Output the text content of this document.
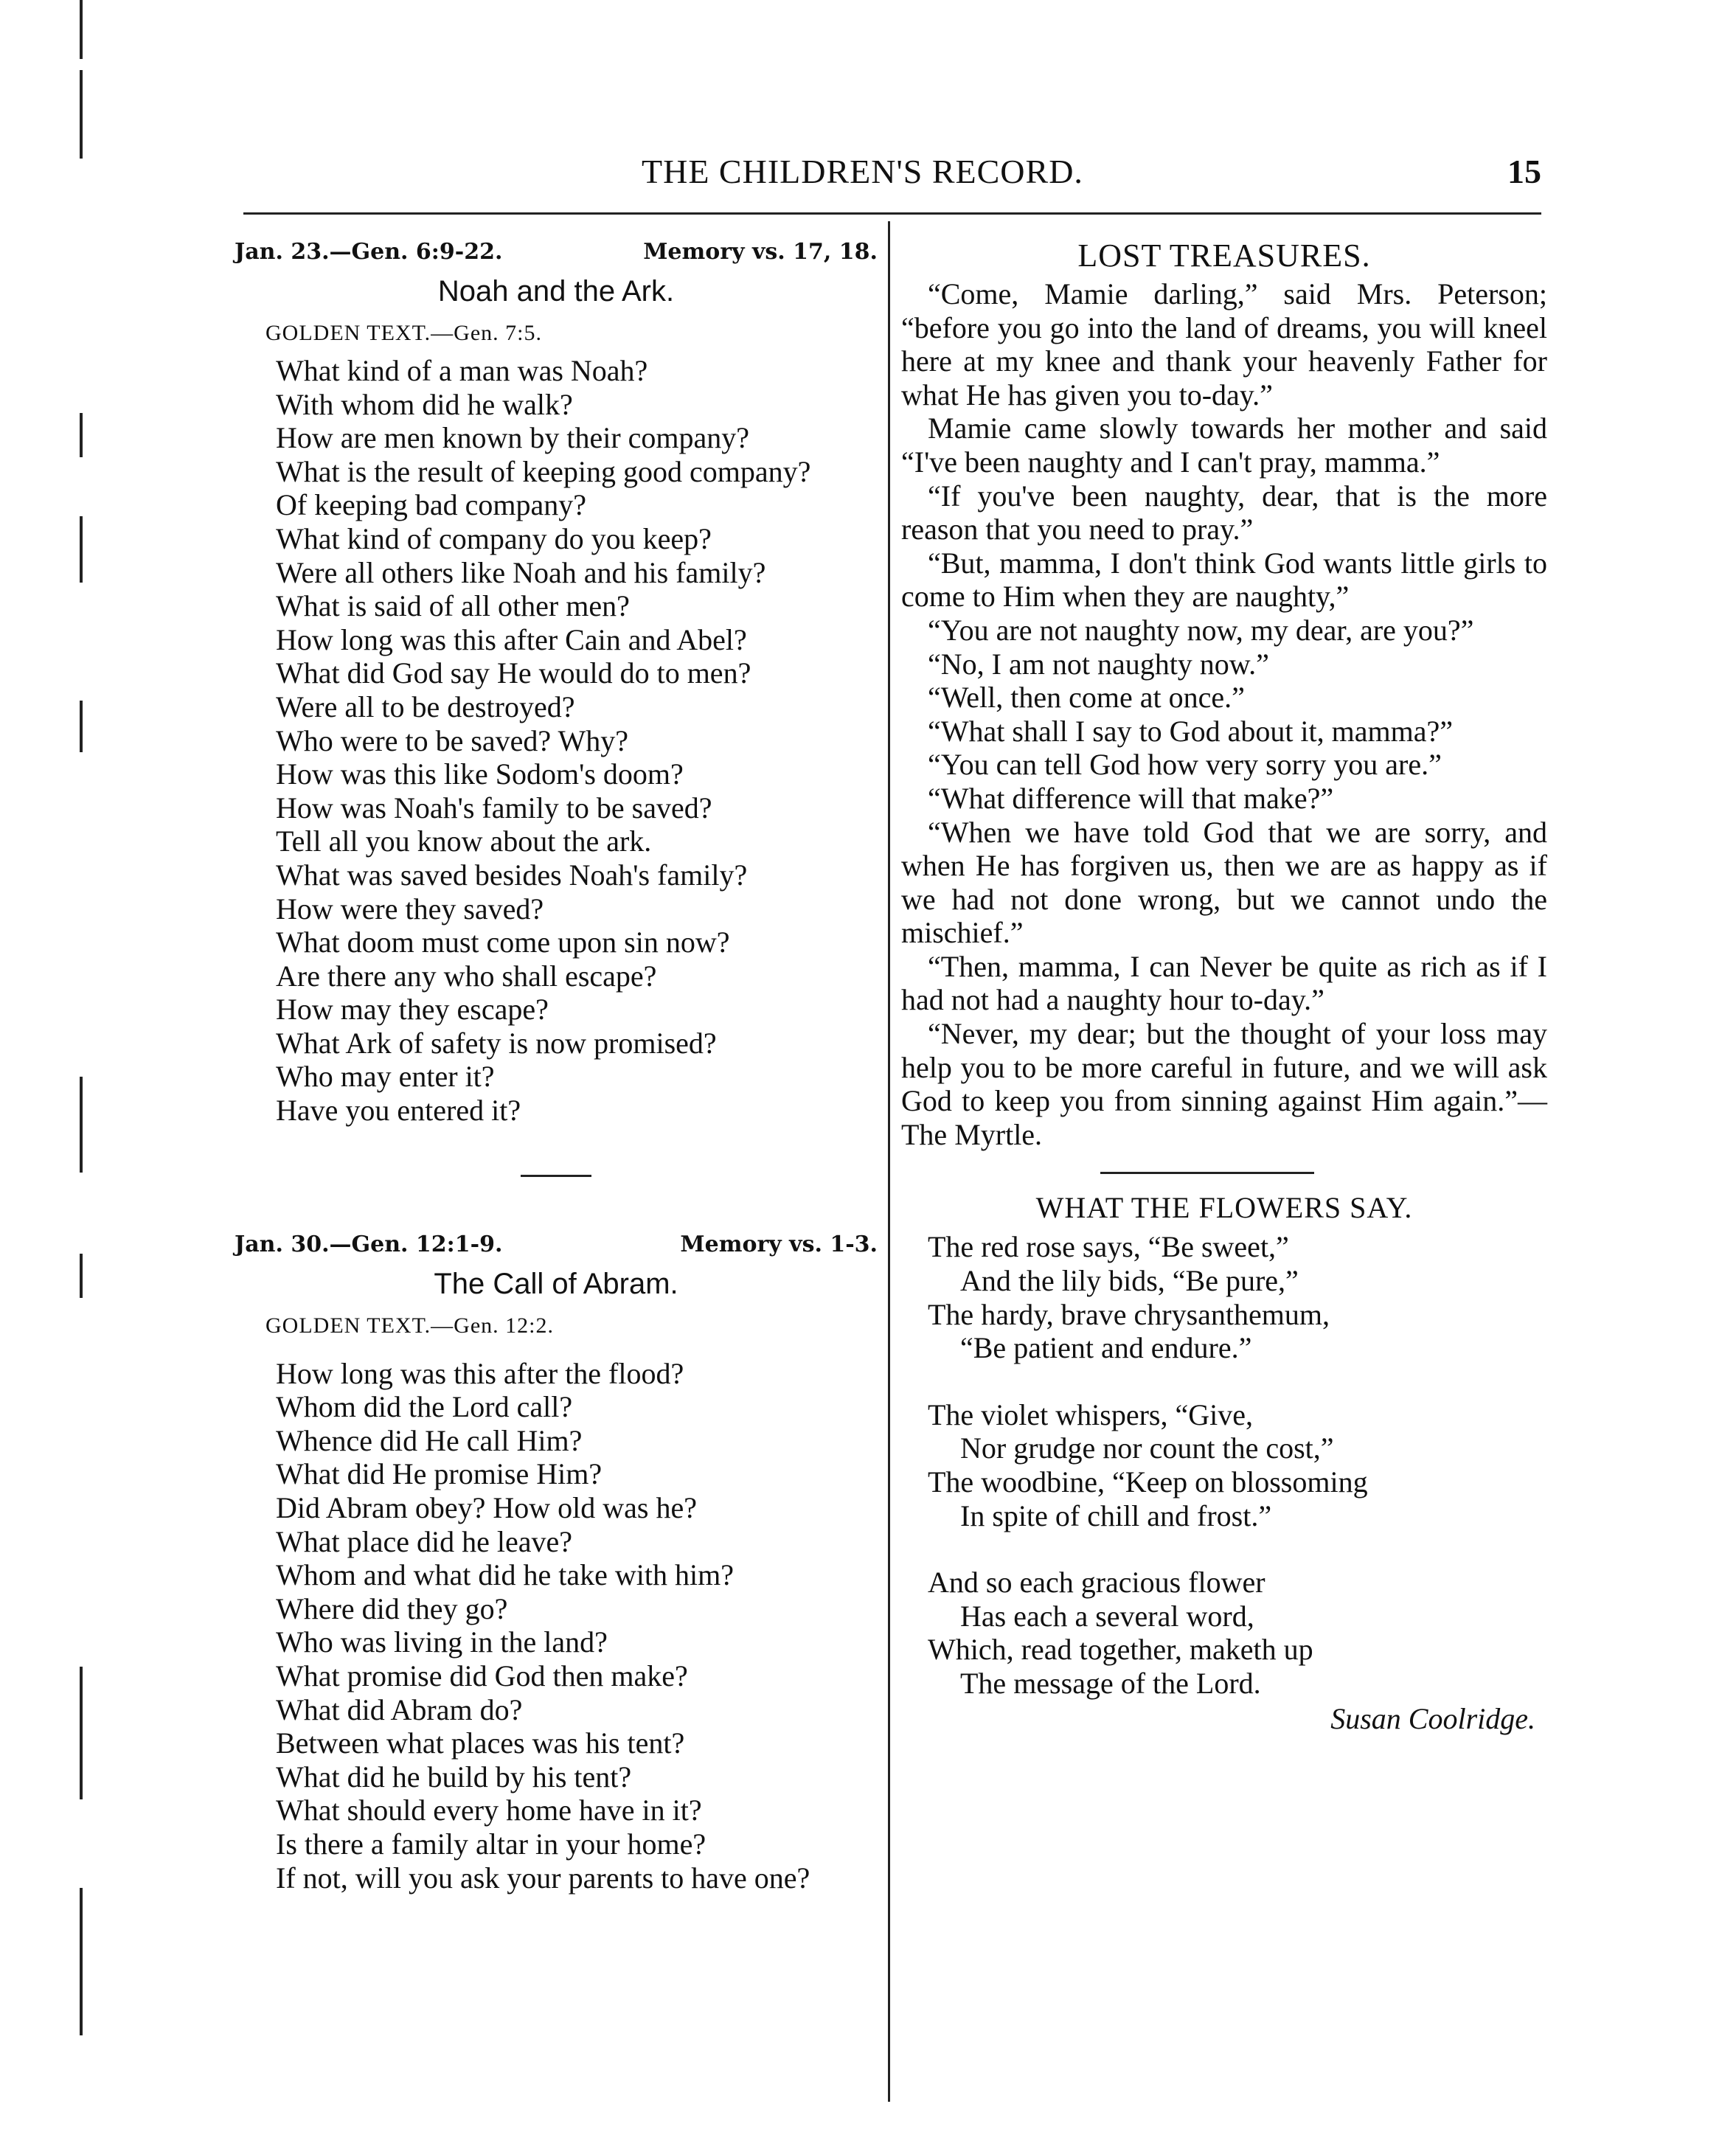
THE CHILDREN'S RECORD.	15
Jan. 23.—Gen. 6:9-22.	Memory vs. 17, 18.
Noah and the Ark.
GOLDEN TEXT.—Gen. 7:5.
What kind of a man was Noah?
With whom did he walk?
How are men known by their company?
What is the result of keeping good company?
Of keeping bad company?
What kind of company do you keep?
Were all others like Noah and his family?
What is said of all other men?
How long was this after Cain and Abel?
What did God say He would do to men?
Were all to be destroyed?
Who were to be saved? Why?
How was this like Sodom's doom?
How was Noah's family to be saved?
Tell all you know about the ark.
What was saved besides Noah's family?
How were they saved?
What doom must come upon sin now?
Are there any who shall escape?
How may they escape?
What Ark of safety is now promised?
Who may enter it?
Have you entered it?
Jan. 30.—Gen. 12:1-9.	Memory vs. 1-3.
The Call of Abram.
GOLDEN TEXT.—Gen. 12:2.
How long was this after the flood?
Whom did the Lord call?
Whence did He call Him?
What did He promise Him?
Did Abram obey? How old was he?
What place did he leave?
Whom and what did he take with him?
Where did they go?
Who was living in the land?
What promise did God then make?
What did Abram do?
Between what places was his tent?
What did he build by his tent?
What should every home have in it?
Is there a family altar in your home?
If not, will you ask your parents to have one?
LOST TREASURES.

“Come, Mamie darling,” said Mrs. Peterson; “before you go into the land of dreams, you will kneel here at my knee and thank your heavenly Father for what He has given you to-day.”

Mamie came slowly towards her mother and said “I've been naughty and I can't pray, mamma.”

“If you've been naughty, dear, that is the more reason that you need to pray.”

“But, mamma, I don't think God wants little girls to come to Him when they are naughty,”

“You are not naughty now, my dear, are you?”

“No, I am not naughty now.”

“Well, then come at once.”

“What shall I say to God about it, mamma?”

“You can tell God how very sorry you are.”

“What difference will that make?”

“When we have told God that we are sorry, and when He has forgiven us, then we are as happy as if we had not done wrong, but we cannot undo the mischief.”

“Then, mamma, I can Never be quite as rich as if I had not had a naughty hour to-day.”

“Never, my dear; but the thought of your loss may help you to be more careful in future, and we will ask God to keep you from sinning against Him again.”—The Myrtle.

WHAT THE FLOWERS SAY.
The red rose says, “Be sweet,”
And the lily bids, “Be pure,”
The hardy, brave chrysanthemum,
“Be patient and endure.”
The violet whispers, “Give,
Nor grudge nor count the cost,”
The woodbine, “Keep on blossoming
In spite of chill and frost.”
And so each gracious flower
Has each a several word,
Which, read together, maketh up
The message of the Lord.
Susan Coolridge.
